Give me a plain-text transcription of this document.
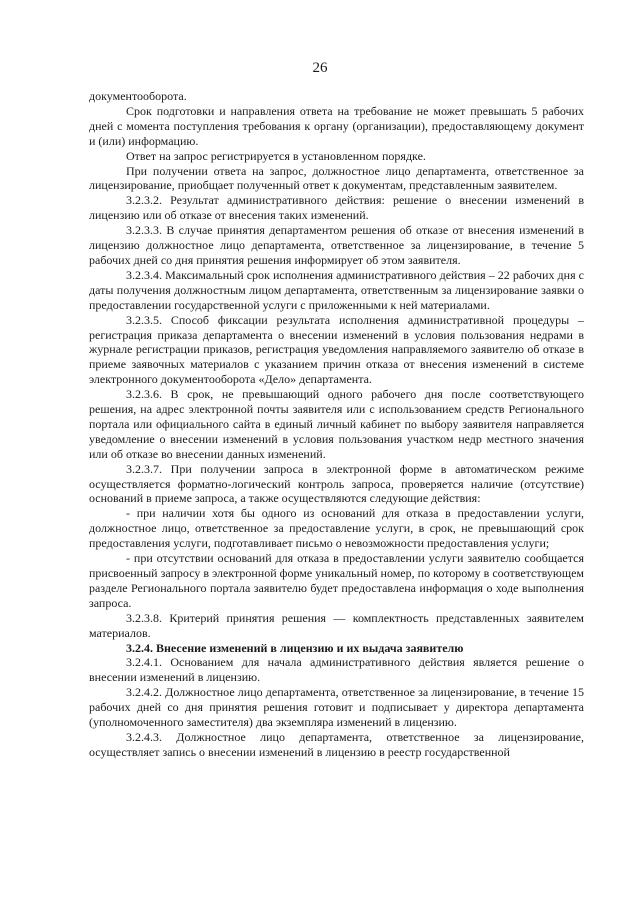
26

документооборота.

Срок подготовки и направления ответа на требование не может превышать 5 рабочих дней с момента поступления требования к органу (организации), предоставляющему документ и (или) информацию.

Ответ на запрос регистрируется в установленном порядке.

При получении ответа на запрос, должностное лицо департамента, ответственное за лицензирование, приобщает полученный ответ к документам, представленным заявителем.

3.2.3.2. Результат административного действия: решение о внесении изменений в лицензию или об отказе от внесения таких изменений.

3.2.3.3. В случае принятия департаментом решения об отказе от внесения изменений в лицензию должностное лицо департамента, ответственное за лицензирование, в течение 5 рабочих дней со дня принятия решения информирует об этом заявителя.

3.2.3.4. Максимальный срок исполнения административного действия – 22 рабочих дня с даты получения должностным лицом департамента, ответственным за лицензирование заявки о предоставлении государственной услуги с приложенными к ней материалами.

3.2.3.5. Способ фиксации результата исполнения административной процедуры – регистрация приказа департамента о внесении изменений в условия пользования недрами в журнале регистрации приказов, регистрация уведомления направляемого заявителю об отказе в приеме заявочных материалов с указанием причин отказа от внесения изменений в системе электронного документооборота «Дело» департамента.

3.2.3.6. В срок, не превышающий одного рабочего дня после соответствующего решения, на адрес электронной почты заявителя или с использованием средств Регионального портала или официального сайта в единый личный кабинет по выбору заявителя направляется уведомление о внесении изменений в условия пользования участком недр местного значения или об отказе во внесении данных изменений.

3.2.3.7. При получении запроса в электронной форме в автоматическом режиме осуществляется форматно-логический контроль запроса, проверяется наличие (отсутствие) оснований в приеме запроса, а также осуществляются следующие действия:

- при наличии хотя бы одного из оснований для отказа в предоставлении услуги, должностное лицо, ответственное за предоставление услуги, в срок, не превышающий срок предоставления услуги, подготавливает письмо о невозможности предоставления услуги;

- при отсутствии оснований для отказа в предоставлении услуги заявителю сообщается присвоенный запросу в электронной форме уникальный номер, по которому в соответствующем разделе Регионального портала заявителю будет предоставлена информация о ходе выполнения запроса.

3.2.3.8. Критерий принятия решения — комплектность представленных заявителем материалов.

3.2.4. Внесение изменений в лицензию и их выдача заявителю

3.2.4.1. Основанием для начала административного действия является решение о внесении изменений в лицензию.

3.2.4.2. Должностное лицо департамента, ответственное за лицензирование, в течение 15 рабочих дней со дня принятия решения готовит и подписывает у директора департамента (уполномоченного заместителя) два экземпляра изменений в лицензию.

3.2.4.3. Должностное лицо департамента, ответственное за лицензирование, осуществляет запись о внесении изменений в лицензию в реестр государственной
